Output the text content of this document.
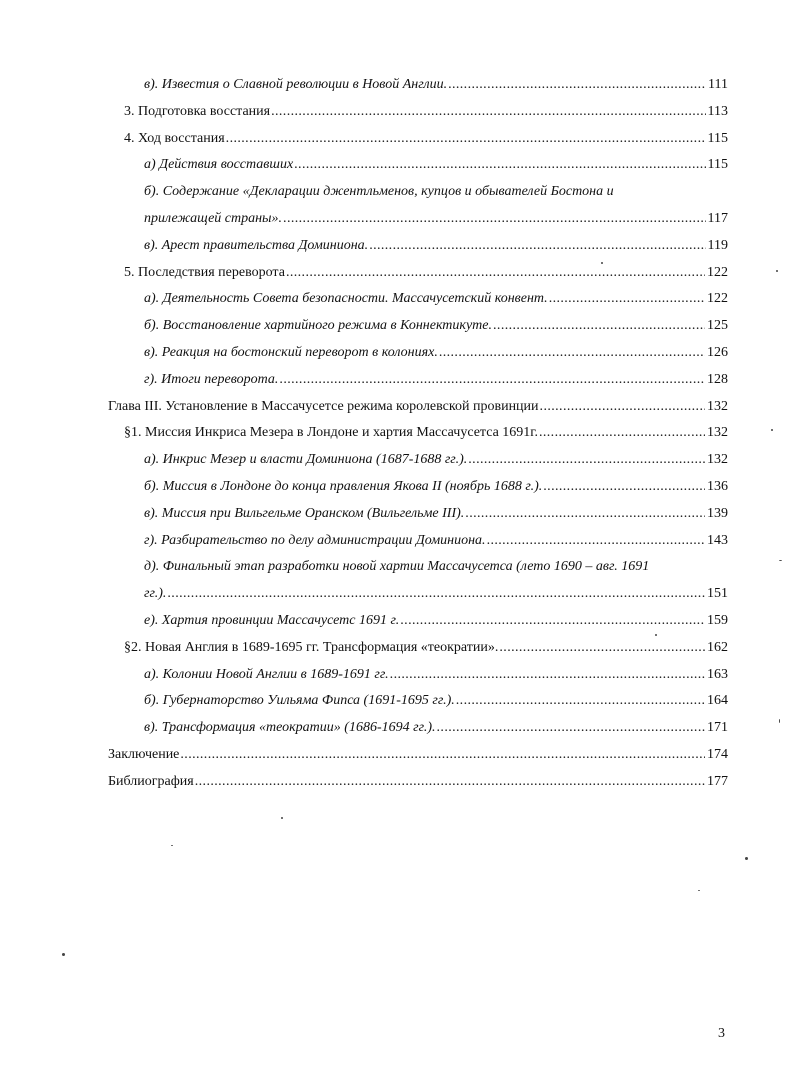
в). Известия о Славной революции в Новой Англии. .....	111
3. Подготовка восстания .....	113
4. Ход восстания .....	115
а) Действия восставших .....	115
б). Содержание «Декларации джентльменов, купцов и обывателей Бостона и
прилежащей страны». .....	117
в). Арест правительства Доминиона. .....	119
5. Последствия переворота .....	122
а). Деятельность Совета безопасности. Массачусетский конвент. .....	122
б). Восстановление хартийного режима в Коннектикуте. .....	125
в). Реакция на бостонский переворот в колониях. .....	126
г). Итоги переворота. .....	128
Глава III. Установление в Массачусетсе режима королевской провинции .....	132
§1. Миссия Инкриса Мезера в Лондоне и хартия Массачусетса 1691г. .....	132
а). Инкрис Мезер и власти Доминиона (1687-1688 гг.). .....	132
б). Миссия в Лондоне до конца правления Якова II (ноябрь 1688 г.). .....	136
в). Миссия при Вильгельме Оранском (Вильгельме III). .....	139
г). Разбирательство по делу администрации Доминиона. .....	143
д). Финальный этап разработки новой хартии Массачусетса (лето 1690 – авг. 1691
гг.). .....	151
е). Хартия провинции Массачусетс 1691 г. .....	159
§2. Новая Англия в 1689-1695 гг. Трансформация «теократии». .....	162
а). Колонии Новой Англии в 1689-1691 гг. .....	163
б). Губернаторство Уильяма Фипса (1691-1695 гг.). .....	164
в). Трансформация «теократии» (1686-1694 гг.). .....	171
Заключение .....	174
Библиография .....	177
3
